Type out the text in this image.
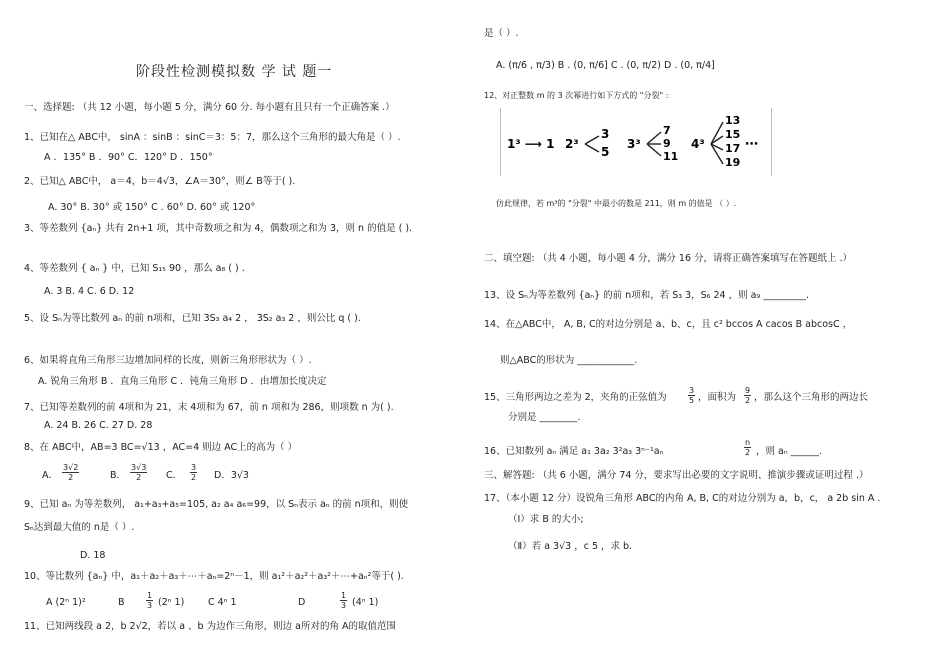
阶段性检测模拟数 学 试 题一
一、选择题: （共 12 小题，每小题 5 分，满分 60 分. 每小题有且只有一个正确答案 .）
1、已知在△ ABC中， sinA ：sinB ：sinC＝3：5：7，那么这个三角形的最大角是（ ）.
A ．135° B ．90° C．120° D ．150°
2、已知△ ABC中， a＝4，b＝4√3，∠A＝30°，则∠ B等于( ).
A. 30° B. 30° 或 150° C . 60° D. 60° 或 120°
3、等差数列 {aₙ} 共有 2n+1 项，其中奇数项之和为 4，偶数项之和为 3，则 n 的值是 ( ).
4、等差数列 { aₙ } 中，已知 S₁₅ 90 ，那么 a₈ ( ) .
A. 3 B. 4 C. 6 D. 12
5、设 Sₙ为等比数列 aₙ 的前 n项和，已知 3S₃ a₄ 2 ， 3S₂ a₃ 2 ，则公比 q ( ).
6、如果将直角三角形三边增加同样的长度，则新三角形形状为（ ）.
A. 锐角三角形 B ．直角三角形 C ．钝角三角形 D ．由增加长度决定
7、已知等差数列的前 4项和为 21，末 4项和为 67，前 n 项和为 286，则项数 n 为( ).
A. 24 B. 26 C. 27 D. 28
8、在 ABC中，AB=3 BC=√13 ，AC=4 则边 AC上的高为（ ）
A． $\frac{3√2}{2}$	B． $\frac{3√3}{2}$ C． $\frac{3}{2}$ D．3√3
9、已知 aₙ 为等差数列， a₁+a₃+a₅=105, a₂ a₄ a₆=99，以 Sₙ表示 aₙ 的前 n项和，则使
Sₙ达到最大值的 n是（ ）.
D. 18
10、等比数列 {aₙ} 中，a₁＋a₂＋a₃＋⋯＋aₙ=2ⁿ－1，则 a₁²＋a₂²＋a₃²＋⋯+aₙ²等于( ).
A (2ⁿ 1)²	B	$\frac{1}{3} (2^n$ 1) C 4ⁿ 1	D	$\frac{1}{3} (4^n$ 1)
11、已知两线段 a 2，b 2√2，若以 a 、b 为边作三角形，则边 a所对的角 A的取值范围
是（ ）.
A. (π/6 , π/3) B . (0, π/6] C . (0, π/2) D . (0, π/4]
12、对正整数 m 的 3 次幂进行如下方式的 "分裂" :
1³ ⟶ 1 2³
3
5
3³
7
9
11
4³
13
15
17
19
⋯
仿此规律，若 m³的 "分裂" 中最小的数是 211，则 m 的值是 （ ）.
二、填空题: （共 4 小题，每小题 4 分，满分 16 分，请将正确答案填写在答题纸上 .）
13、设 Sₙ为等差数列 {aₙ} 的前 n项和，若 S₃ 3，S₆ 24 ，则 a₉ _________.
14、在△ABC中， A, B, C的对边分别是 a、b、c，且 c² bccos A cacos B abcosC ，
则△ABC的形状为 ____________.
15、三角形两边之差为 2，夹角的正弦值为	$\frac{3}{5}$ ，面积为 $\frac{9}{2}$ ，那么这个三角形的两边长
分别是 ________.
16、已知数列 aₙ 满足 a₁ 3a₂ 3²a₃ 3ⁿ⁻¹aₙ	$\frac{n}{2}$ ，则 aₙ ______.
三、解答题: （共 6 小题，满分 74 分，要求写出必要的文字说明、推演步骤或证明过程 .）
17、（本小题 12 分）设锐角三角形 ABC的内角 A, B, C的对边分别为 a，b，c， a 2b sin A .
（Ⅰ）求 B 的大小;
（Ⅱ）若 a 3√3 ，c 5 ，求 b.
